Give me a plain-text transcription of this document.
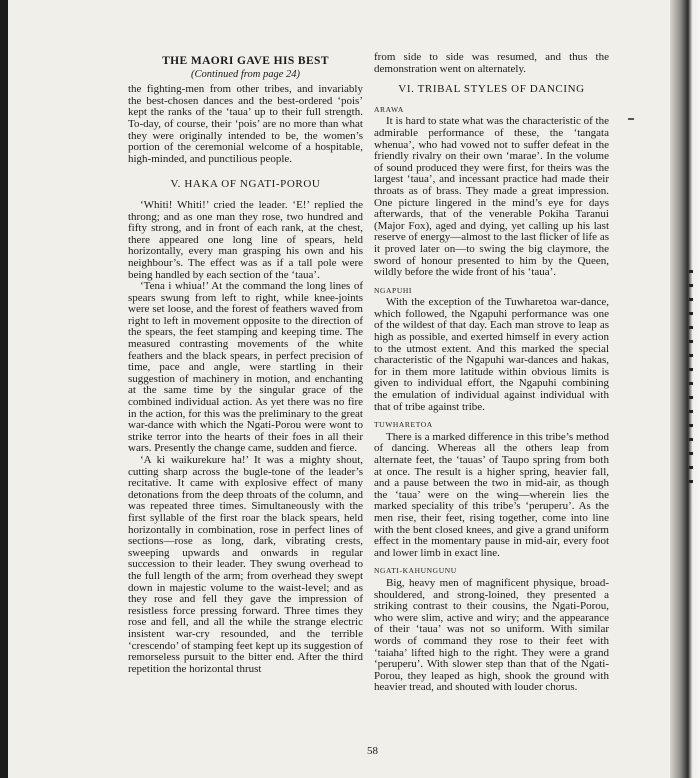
THE MAORI GAVE HIS BEST
(Continued from page 24)

the fighting-men from other tribes, and invariably the best-chosen dances and the best-ordered ‘pois’ kept the ranks of the ‘taua’ up to their full strength. To-day, of course, their ‘pois’ are no more than what they were originally intended to be, the women’s portion of the ceremonial welcome of a hospitable, high-minded, and punctilious people.

V. HAKA OF NGATI-POROU

‘Whiti! Whiti!’ cried the leader. ‘E!’ replied the throng; and as one man they rose, two hundred and fifty strong, and in front of each rank, at the chest, there appeared one long line of spears, held horizontally, every man grasping his own and his neighbour’s. The effect was as if a tall pole were being handled by each section of the ‘taua’.

‘Tena i whiua!’ At the command the long lines of spears swung from left to right, while knee-joints were set loose, and the forest of feathers waved from right to left in movement opposite to the direction of the spears, the feet stamping and keeping time. The measured contrasting movements of the white feathers and the black spears, in perfect precision of time, pace and angle, were startling in their suggestion of machinery in motion, and enchanting at the same time by the singular grace of the combined individual action. As yet there was no fire in the action, for this was the preliminary to the great war-dance with which the Ngati-Porou were wont to strike terror into the hearts of their foes in all their wars. Presently the change came, sudden and fierce.

‘A ki waikurekure ha!’ It was a mighty shout, cutting sharp across the bugle-tone of the leader’s recitative. It came with explosive effect of many detonations from the deep throats of the column, and was repeated three times. Simultaneously with the first syllable of the first roar the black spears, held horizontally in combination, rose in perfect lines of sections—rose as long, dark, vibrating crests, sweeping upwards and onwards in regular succession to their leader. They swung overhead to the full length of the arm; from overhead they swept down in majestic volume to the waist-level; and as they rose and fell they gave the impression of resistless force pressing forward. Three times they rose and fell, and all the while the strange electric insistent war-cry resounded, and the terrible ‘crescendo’ of stamping feet kept up its suggestion of remorseless pursuit to the bitter end. After the third repetition the horizontal thrust

from side to side was resumed, and thus the demonstration went on alternately.

VI. TRIBAL STYLES OF DANCING
ARAWA

It is hard to state what was the characteristic of the admirable performance of these, the ‘tangata whenua’, who had vowed not to suffer defeat in the friendly rivalry on their own ‘marae’. In the volume of sound produced they were first, for theirs was the largest ‘taua’, and incessant practice had made their throats as of brass. They made a great impression. One picture lingered in the mind’s eye for days afterwards, that of the venerable Pokiha Taranui (Major Fox), aged and dying, yet calling up his last reserve of energy—almost to the last flicker of life as it proved later on—to swing the big claymore, the sword of honour presented to him by the Queen, wildly before the wide front of his ‘taua’.

NGAPUHI

With the exception of the Tuwharetoa war-dance, which followed, the Ngapuhi performance was one of the wildest of that day. Each man strove to leap as high as possible, and exerted himself in every action to the utmost extent. And this marked the special characteristic of the Ngapuhi war-dances and hakas, for in them more latitude within obvious limits is given to individual effort, the Ngapuhi combining the emulation of individual against individual with that of tribe against tribe.

TUWHARETOA

There is a marked difference in this tribe’s method of dancing. Whereas all the others leap from alternate feet, the ‘tauas’ of Taupo spring from both at once. The result is a higher spring, heavier fall, and a pause between the two in mid-air, as though the ‘taua’ were on the wing—wherein lies the marked speciality of this tribe’s ‘peruperu’. As the men rise, their feet, rising together, come into line with the bent closed knees, and give a grand uniform effect in the momentary pause in mid-air, every foot and lower limb in exact line.

NGATI-KAHUNGUNU

Big, heavy men of magnificent physique, broad-shouldered, and strong-loined, they presented a striking contrast to their cousins, the Ngati-Porou, who were slim, active and wiry; and the appearance of their ‘taua’ was not so uniform. With similar words of command they rose to their feet with ‘taiaha’ lifted high to the right. They were a grand ‘peruperu’. With slower step than that of the Ngati-Porou, they leaped as high, shook the ground with heavier tread, and shouted with louder chorus.

58
